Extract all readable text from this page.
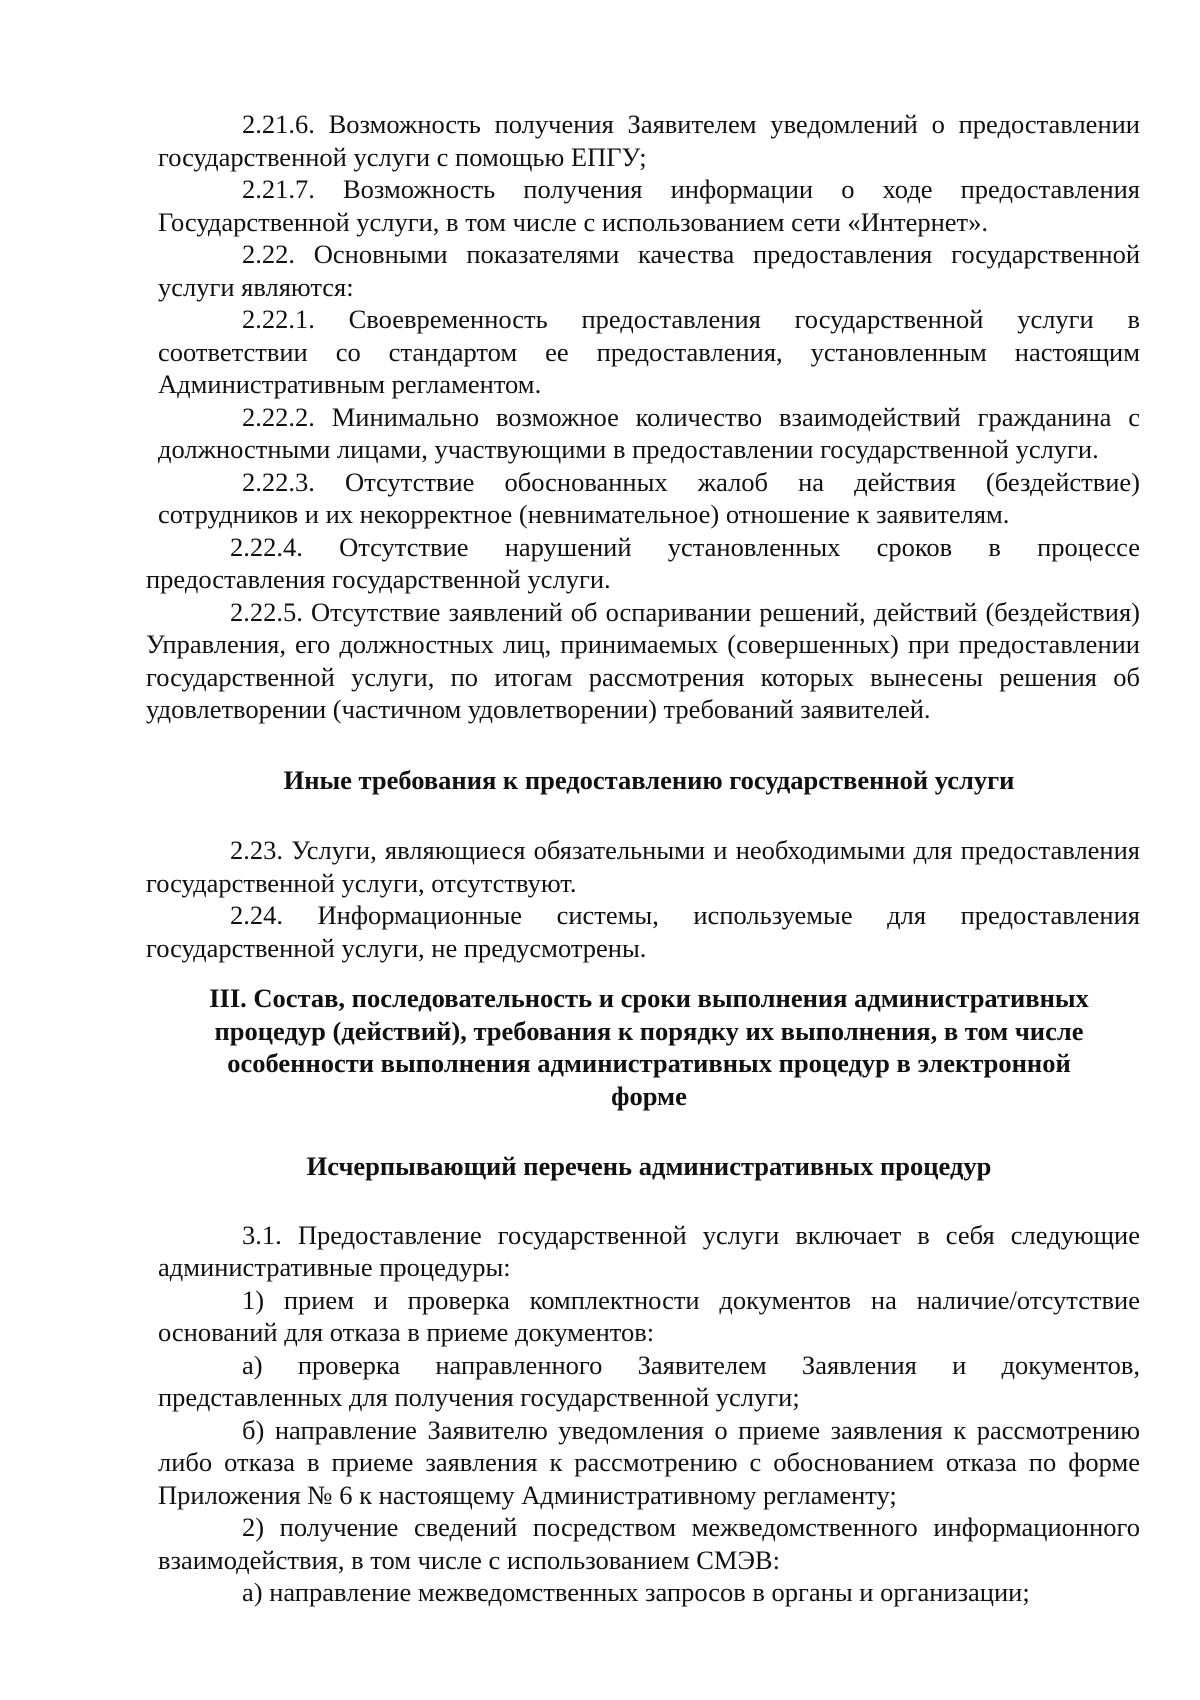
2.21.6. Возможность получения Заявителем уведомлений о предоставлении государственной услуги с помощью ЕПГУ;

2.21.7. Возможность получения информации о ходе предоставления Государственной услуги, в том числе с использованием сети «Интернет».

2.22. Основными показателями качества предоставления государственной услуги являются:

2.22.1. Своевременность предоставления государственной услуги в соответствии со стандартом ее предоставления, установленным настоящим Административным регламентом.

2.22.2. Минимально возможное количество взаимодействий гражданина с должностными лицами, участвующими в предоставлении государственной услуги.

2.22.3. Отсутствие обоснованных жалоб на действия (бездействие) сотрудников и их некорректное (невнимательное) отношение к заявителям.

2.22.4. Отсутствие нарушений установленных сроков в процессе предоставления государственной услуги.

2.22.5. Отсутствие заявлений об оспаривании решений, действий (бездействия) Управления, его должностных лиц, принимаемых (совершенных) при предоставлении государственной услуги, по итогам рассмотрения которых вынесены решения об удовлетворении (частичном удовлетворении) требований заявителей.

Иные требования к предоставлению государственной услуги

2.23. Услуги, являющиеся обязательными и необходимыми для предоставления государственной услуги, отсутствуют.

2.24. Информационные системы, используемые для предоставления государственной услуги, не предусмотрены.

III. Состав, последовательность и сроки выполнения административных процедур (действий), требования к порядку их выполнения, в том числе особенности выполнения административных процедур в электронной форме

Исчерпывающий перечень административных процедур

3.1. Предоставление государственной услуги включает в себя следующие административные процедуры:

1) прием и проверка комплектности документов на наличие/отсутствие оснований для отказа в приеме документов:

а) проверка направленного Заявителем Заявления и документов, представленных для получения государственной услуги;

б) направление Заявителю уведомления о приеме заявления к рассмотрению либо отказа в приеме заявления к рассмотрению с обоснованием отказа по форме Приложения № 6 к настоящему Административному регламенту;

2) получение сведений посредством межведомственного информационного взаимодействия, в том числе с использованием СМЭВ:

а) направление межведомственных запросов в органы и организации;
